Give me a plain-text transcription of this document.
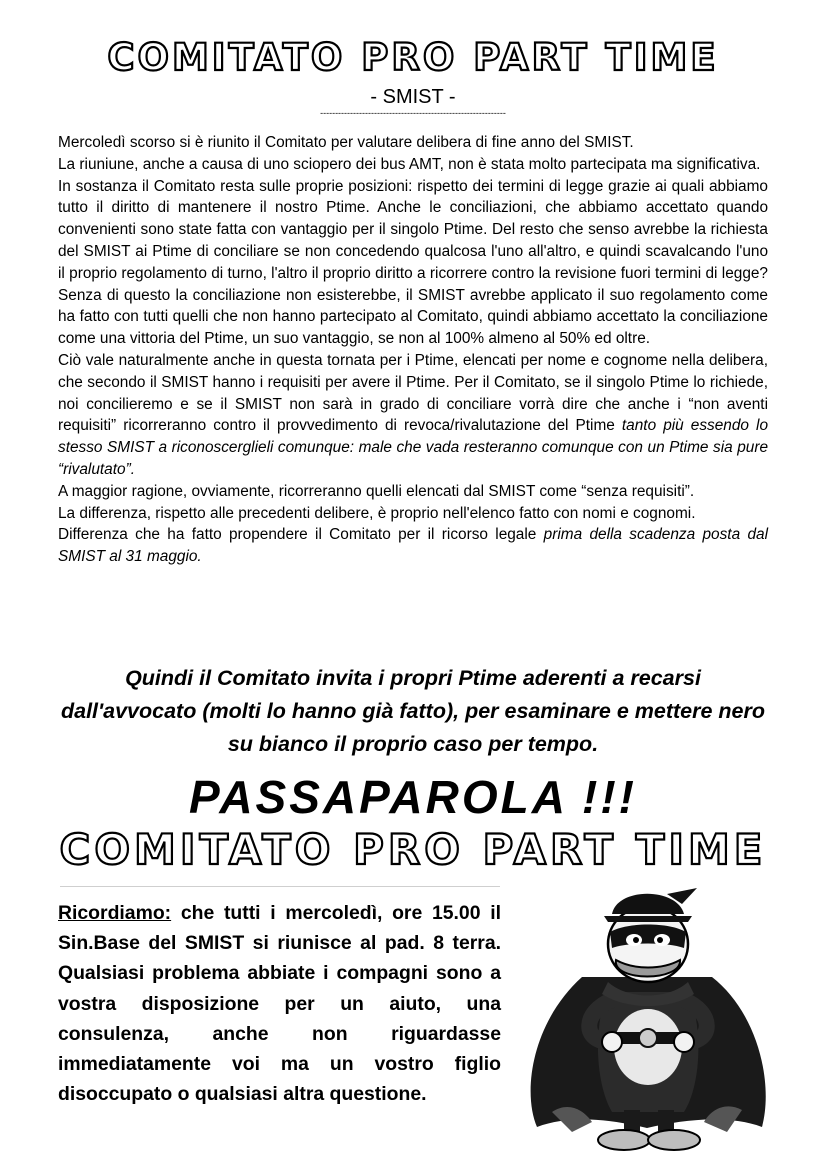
COMITATO PRO PART TIME
- SMIST -
--------------------------------------------------------------

Mercoledì scorso si è riunito il Comitato per valutare delibera di fine anno del SMIST.

La riuniune, anche a causa di uno sciopero dei bus AMT, non è stata molto partecipata ma significativa.

In sostanza il Comitato resta sulle proprie posizioni: rispetto dei termini di legge grazie ai quali abbiamo tutto il diritto di mantenere il nostro Ptime. Anche le conciliazioni, che abbiamo accettato quando convenienti sono state fatta con vantaggio per il singolo Ptime. Del resto che senso avrebbe la richiesta del SMIST ai Ptime di conciliare se non concedendo qualcosa l'uno all'altro, e quindi scavalcando l'uno il proprio regolamento di turno, l'altro il proprio diritto a ricorrere contro la revisione fuori termini di legge? Senza di questo la conciliazione non esisterebbe, il SMIST avrebbe applicato il suo regolamento come ha fatto con tutti quelli che non hanno partecipato al Comitato, quindi abbiamo accettato la conciliazione come una vittoria del Ptime, un suo vantaggio, se non al 100% almeno al 50% ed oltre.

Ciò vale naturalmente anche in questa tornata per i Ptime, elencati per nome e cognome nella delibera, che secondo il SMIST hanno i requisiti per avere il Ptime. Per il Comitato, se il singolo Ptime lo richiede, noi concilieremo e se il SMIST non sarà in grado di conciliare vorrà dire che anche i “non aventi requisiti” ricorreranno contro il provvedimento di revoca/rivalutazione del Ptime tanto più essendo lo stesso SMIST a riconoscerglieli comunque: male che vada resteranno comunque con un Ptime sia pure “rivalutato”.

A maggior ragione, ovviamente, ricorreranno quelli elencati dal SMIST come “senza requisiti”.

La differenza, rispetto alle precedenti delibere, è proprio nell'elenco fatto con nomi e cognomi.

Differenza che ha fatto propendere il Comitato per il ricorso legale prima della scadenza posta dal SMIST al 31 maggio.

Quindi il Comitato invita i propri Ptime aderenti a recarsi dall'avvocato (molti lo hanno già fatto), per esaminare e mettere nero su bianco il proprio caso per tempo.
PASSAPAROLA !!!
COMITATO PRO PART TIME
Ricordiamo: che tutti i mercoledì, ore 15.00 il Sin.Base del SMIST si riunisce al pad. 8 terra. Qualsiasi problema abbiate i compagni sono a vostra disposizione per un aiuto, una consulenza, anche non riguardasse immediatamente voi ma un vostro figlio disoccupato o qualsiasi altra questione.
